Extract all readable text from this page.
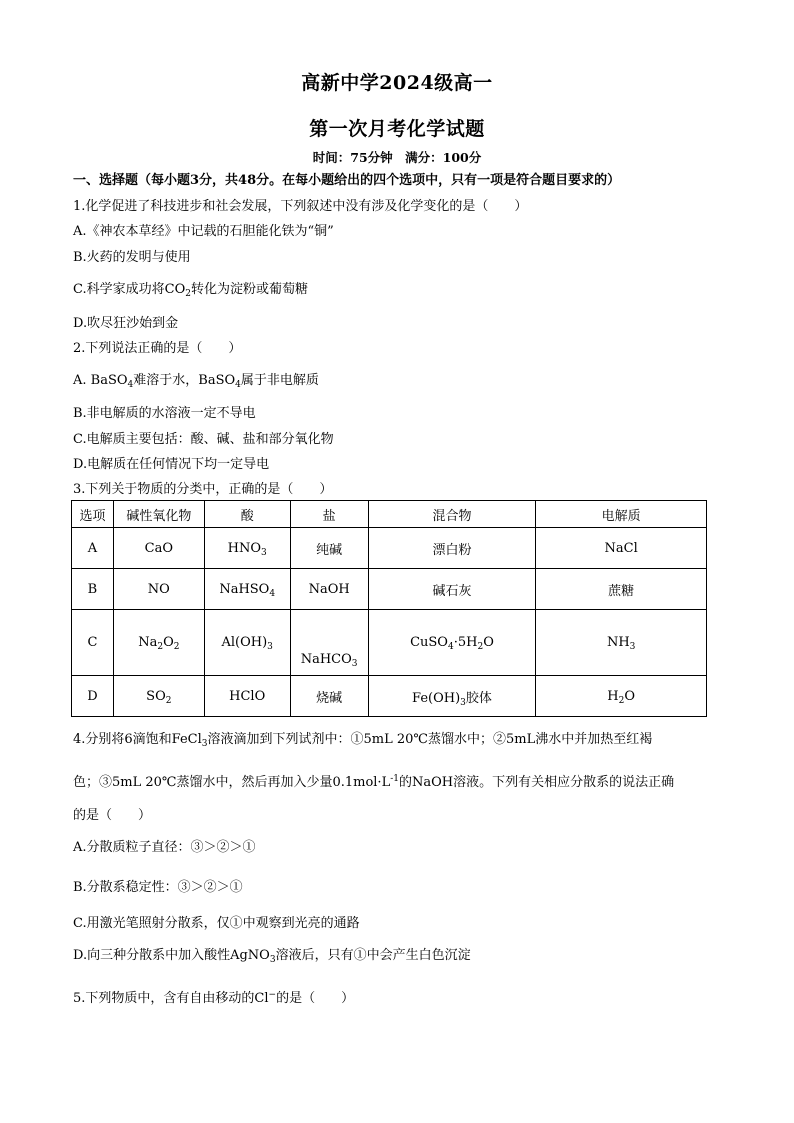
高新中学2024级高一
第一次月考化学试题
时间：75分钟　满分：100分
一、选择题（每小题3分，共48分。在每小题给出的四个选项中，只有一项是符合题目要求的）
1.化学促进了科技进步和社会发展，下列叙述中没有涉及化学变化的是（　　）
A.《神农本草经》中记载的石胆能化铁为“铜”
B.火药的发明与使用
C.科学家成功将$CO_2$转化为淀粉或葡萄糖
D.吹尽狂沙始到金
2.下列说法正确的是（　　）
A. BaSO$_4$难溶于水，BaSO$_4$属于非电解质
B.非电解质的水溶液一定不导电
C.电解质主要包括：酸、碱、盐和部分氧化物
D.电解质在任何情况下均一定导电
3.下列关于物质的分类中，正确的是（　　）
选项	碱性氧化物	酸	盐	混合物	电解质
A	CaO	$HNO_3$	纯碱	漂白粉	NaCl
B	NO	NaHSO$_4$	NaOH	碱石灰	蔗糖
C	$Na_2O_2$	$Al(OH)_3$	NaHCO$_3$	$CuSO_4\cdot 5H_2O$	$NH_3$
D	$SO_2$	HClO	烧碱	$Fe(OH)_3$胶体	$H_2O$
4.分别将6滴饱和FeCl$_3$溶液滴加到下列试剂中：①5mL 20℃蒸馏水中；②5mL沸水中并加热至红褐
色；③5mL 20℃蒸馏水中，然后再加入少量$0.1mol\cdot L^{-1}$的NaOH溶液。下列有关相应分散系的说法正确
的是（　　）
A.分散质粒子直径：③＞②＞①
B.分散系稳定性：③＞②＞①
C.用激光笔照射分散系，仅①中观察到光亮的通路
D.向三种分散系中加入酸性AgNO$_3$溶液后，只有①中会产生白色沉淀
5.下列物质中，含有自由移动的Cl−的是（　　）
